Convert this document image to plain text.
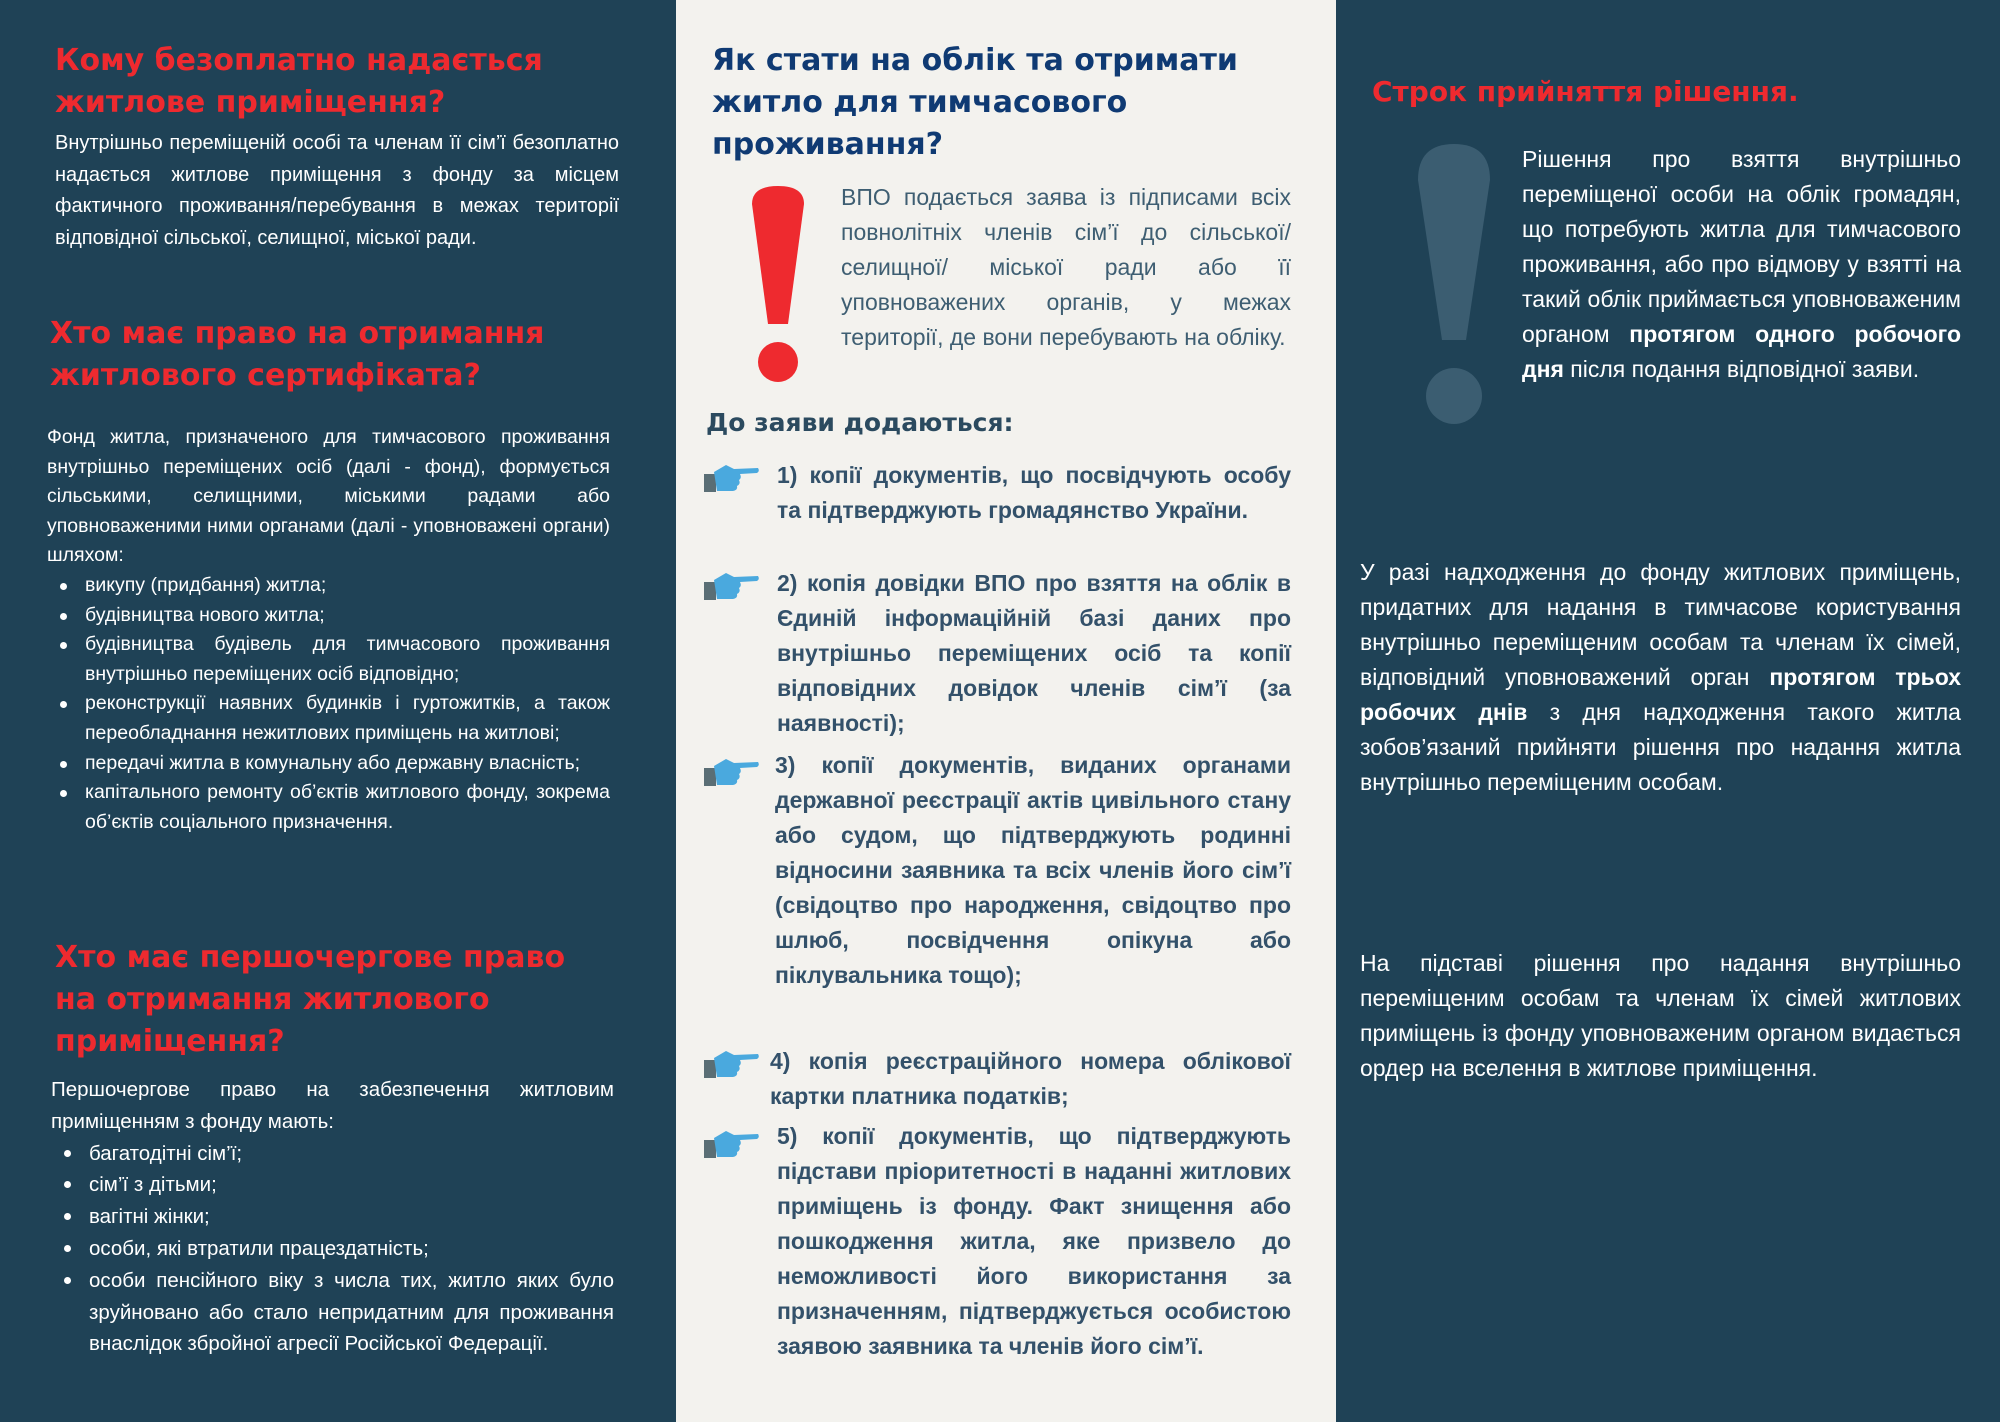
Кому безоплатно надається житлове приміщення?
Внутрішньо переміщеній особі та членам її сім’ї безоплатно надається житлове приміщення з фонду за місцем фактичного проживання/перебування в межах території відповідної сільської, селищної, міської ради.
Хто має право на отримання житлового сертифіката?

Фонд житла, призначеного для тимчасового проживання внутрішньо переміщених осіб (далі - фонд), формується сільськими, селищними, міськими радами або уповноваженими ними органами (далі - уповноважені органи) шляхом:

викупу (придбання) житла;
будівництва нового житла;
будівництва будівель для тимчасового проживання внутрішньо переміщених осіб відповідно;
реконструкції наявних будинків і гуртожитків, а також переобладнання нежитлових приміщень на житлові;
передачі житла в комунальну або державну власність;
капітального ремонту об’єктів житлового фонду, зокрема об’єктів соціального призначення.
Хто має першочергове право на отримання житлового приміщення?

Першочергове право на забезпечення житловим приміщенням з фонду мають:

багатодітні сім’ї;
сім’ї з дітьми;
вагітні жінки;
особи, які втратили працездатність;
особи пенсійного віку з числа тих, житло яких було зруйновано або стало непридатним для проживання внаслідок збройної агресії Російської Федерації.
Як стати на облік та отримати житло для тимчасового проживання?
ВПО подається заява із підписами всіх повнолітніх членів сім’ї до сільської/селищної/ міської ради або її уповноважених органів, у межах території, де вони перебувають на обліку.
До заяви додаються:
1) копії документів, що посвідчують особу та підтверджують громадянство України.
2) копія довідки ВПО про взяття на облік в Єдиній інформаційній базі даних про внутрішньо переміщених осіб та копії відповідних довідок членів сім’ї (за наявності);
3) копії документів, виданих органами державної реєстрації актів цивільного стану або судом, що підтверджують родинні відносини заявника та всіх членів його сім’ї (свідоцтво про народження, свідоцтво про шлюб, посвідчення опікуна або піклувальника тощо);
4) копія реєстраційного номера облікової картки платника податків;
5) копії документів, що підтверджують підстави пріоритетності в наданні житлових приміщень із фонду. Факт знищення або пошкодження житла, яке призвело до неможливості його використання за призначенням, підтверджується особистою заявою заявника та членів його сім’ї.
Строк прийняття рішення.
Рішення про взяття внутрішньо переміщеної особи на облік громадян, що потребують житла для тимчасового проживання, або про відмову у взятті на такий облік приймається уповноваженим органом протягом одного робочого дня після подання відповідної заяви.
У разі надходження до фонду житлових приміщень, придатних для надання в тимчасове користування внутрішньо переміщеним особам та членам їх сімей, відповідний уповноважений орган протягом трьох робочих днів з дня надходження такого житла зобов’язаний прийняти рішення про надання житла внутрішньо переміщеним особам.
На підставі рішення про надання внутрішньо переміщеним особам та членам їх сімей житлових приміщень із фонду уповноваженим органом видається ордер на вселення в житлове приміщення.
